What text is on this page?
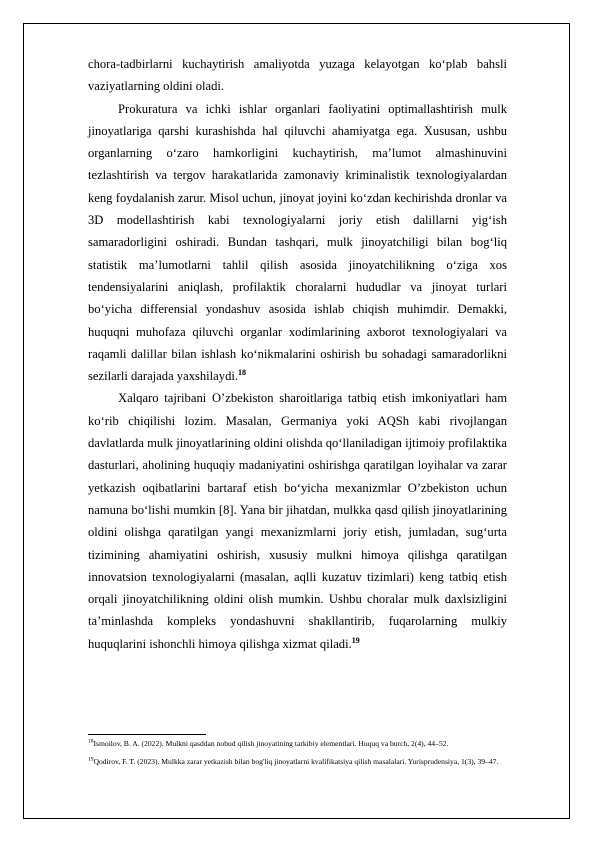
chora-tadbirlarni kuchaytirish amaliyotda yuzaga kelayotgan ko‘plab bahsli vaziyatlarning oldini oladi.

Prokuratura va ichki ishlar organlari faoliyatini optimallashtirish mulk jinoyatlariga qarshi kurashishda hal qiluvchi ahamiyatga ega. Xususan, ushbu organlarning o‘zaro hamkorligini kuchaytirish, ma’lumot almashinuvini tezlashtirish va tergov harakatlarida zamonaviy kriminalistik texnologiyalardan keng foydalanish zarur. Misol uchun, jinoyat joyini ko‘zdan kechirishda dronlar va 3D modellashtirish kabi texnologiyalarni joriy etish dalillarni yig‘ish samaradorligini oshiradi. Bundan tashqari, mulk jinoyatchiligi bilan bog‘liq statistik ma’lumotlarni tahlil qilish asosida jinoyatchilikning o‘ziga xos tendensiyalarini aniqlash, profilaktik choralarni hududlar va jinoyat turlari bo‘yicha differensial yondashuv asosida ishlab chiqish muhimdir. Demakki, huquqni muhofaza qiluvchi organlar xodimlarining axborot texnologiyalari va raqamli dalillar bilan ishlash ko‘nikmalarini oshirish bu sohadagi samaradorlikni sezilarli darajada yaxshilaydi.$^{18}$

Xalqaro tajribani O’zbekiston sharoitlariga tatbiq etish imkoniyatlari ham ko‘rib chiqilishi lozim. Masalan, Germaniya yoki AQSh kabi rivojlangan davlatlarda mulk jinoyatlarining oldini olishda qo‘llaniladigan ijtimoiy profilaktika dasturlari, aholining huquqiy madaniyatini oshirishga qaratilgan loyihalar va zarar yetkazish oqibatlarini bartaraf etish bo‘yicha mexanizmlar O’zbekiston uchun namuna bo‘lishi mumkin [8]. Yana bir jihatdan, mulkka qasd qilish jinoyatlarining oldini olishga qaratilgan yangi mexanizmlarni joriy etish, jumladan, sug‘urta tizimining ahamiyatini oshirish, xususiy mulkni himoya qilishga qaratilgan innovatsion texnologiyalarni (masalan, aqlli kuzatuv tizimlari) keng tatbiq etish orqali jinoyatchilikning oldini olish mumkin. Ushbu choralar mulk daxlsizligini ta’minlashda kompleks yondashuvni shakllantirib, fuqarolarning mulkiy huquqlarini ishonchli himoya qilishga xizmat qiladi.$^{19}$

$^{18}$Ismoilov, B. A. (2022). Mulkni qasddan nobud qilish jinoyatining tarkibiy elementlari. Huquq va burch, 2(4), 44–52.

$^{19}$Qodirov, F. T. (2023). Mulkka zarar yetkazish bilan bog'liq jinoyatlarni kvalifikatsiya qilish masalalari. Yurisprudensiya, 1(3), 39–47.
